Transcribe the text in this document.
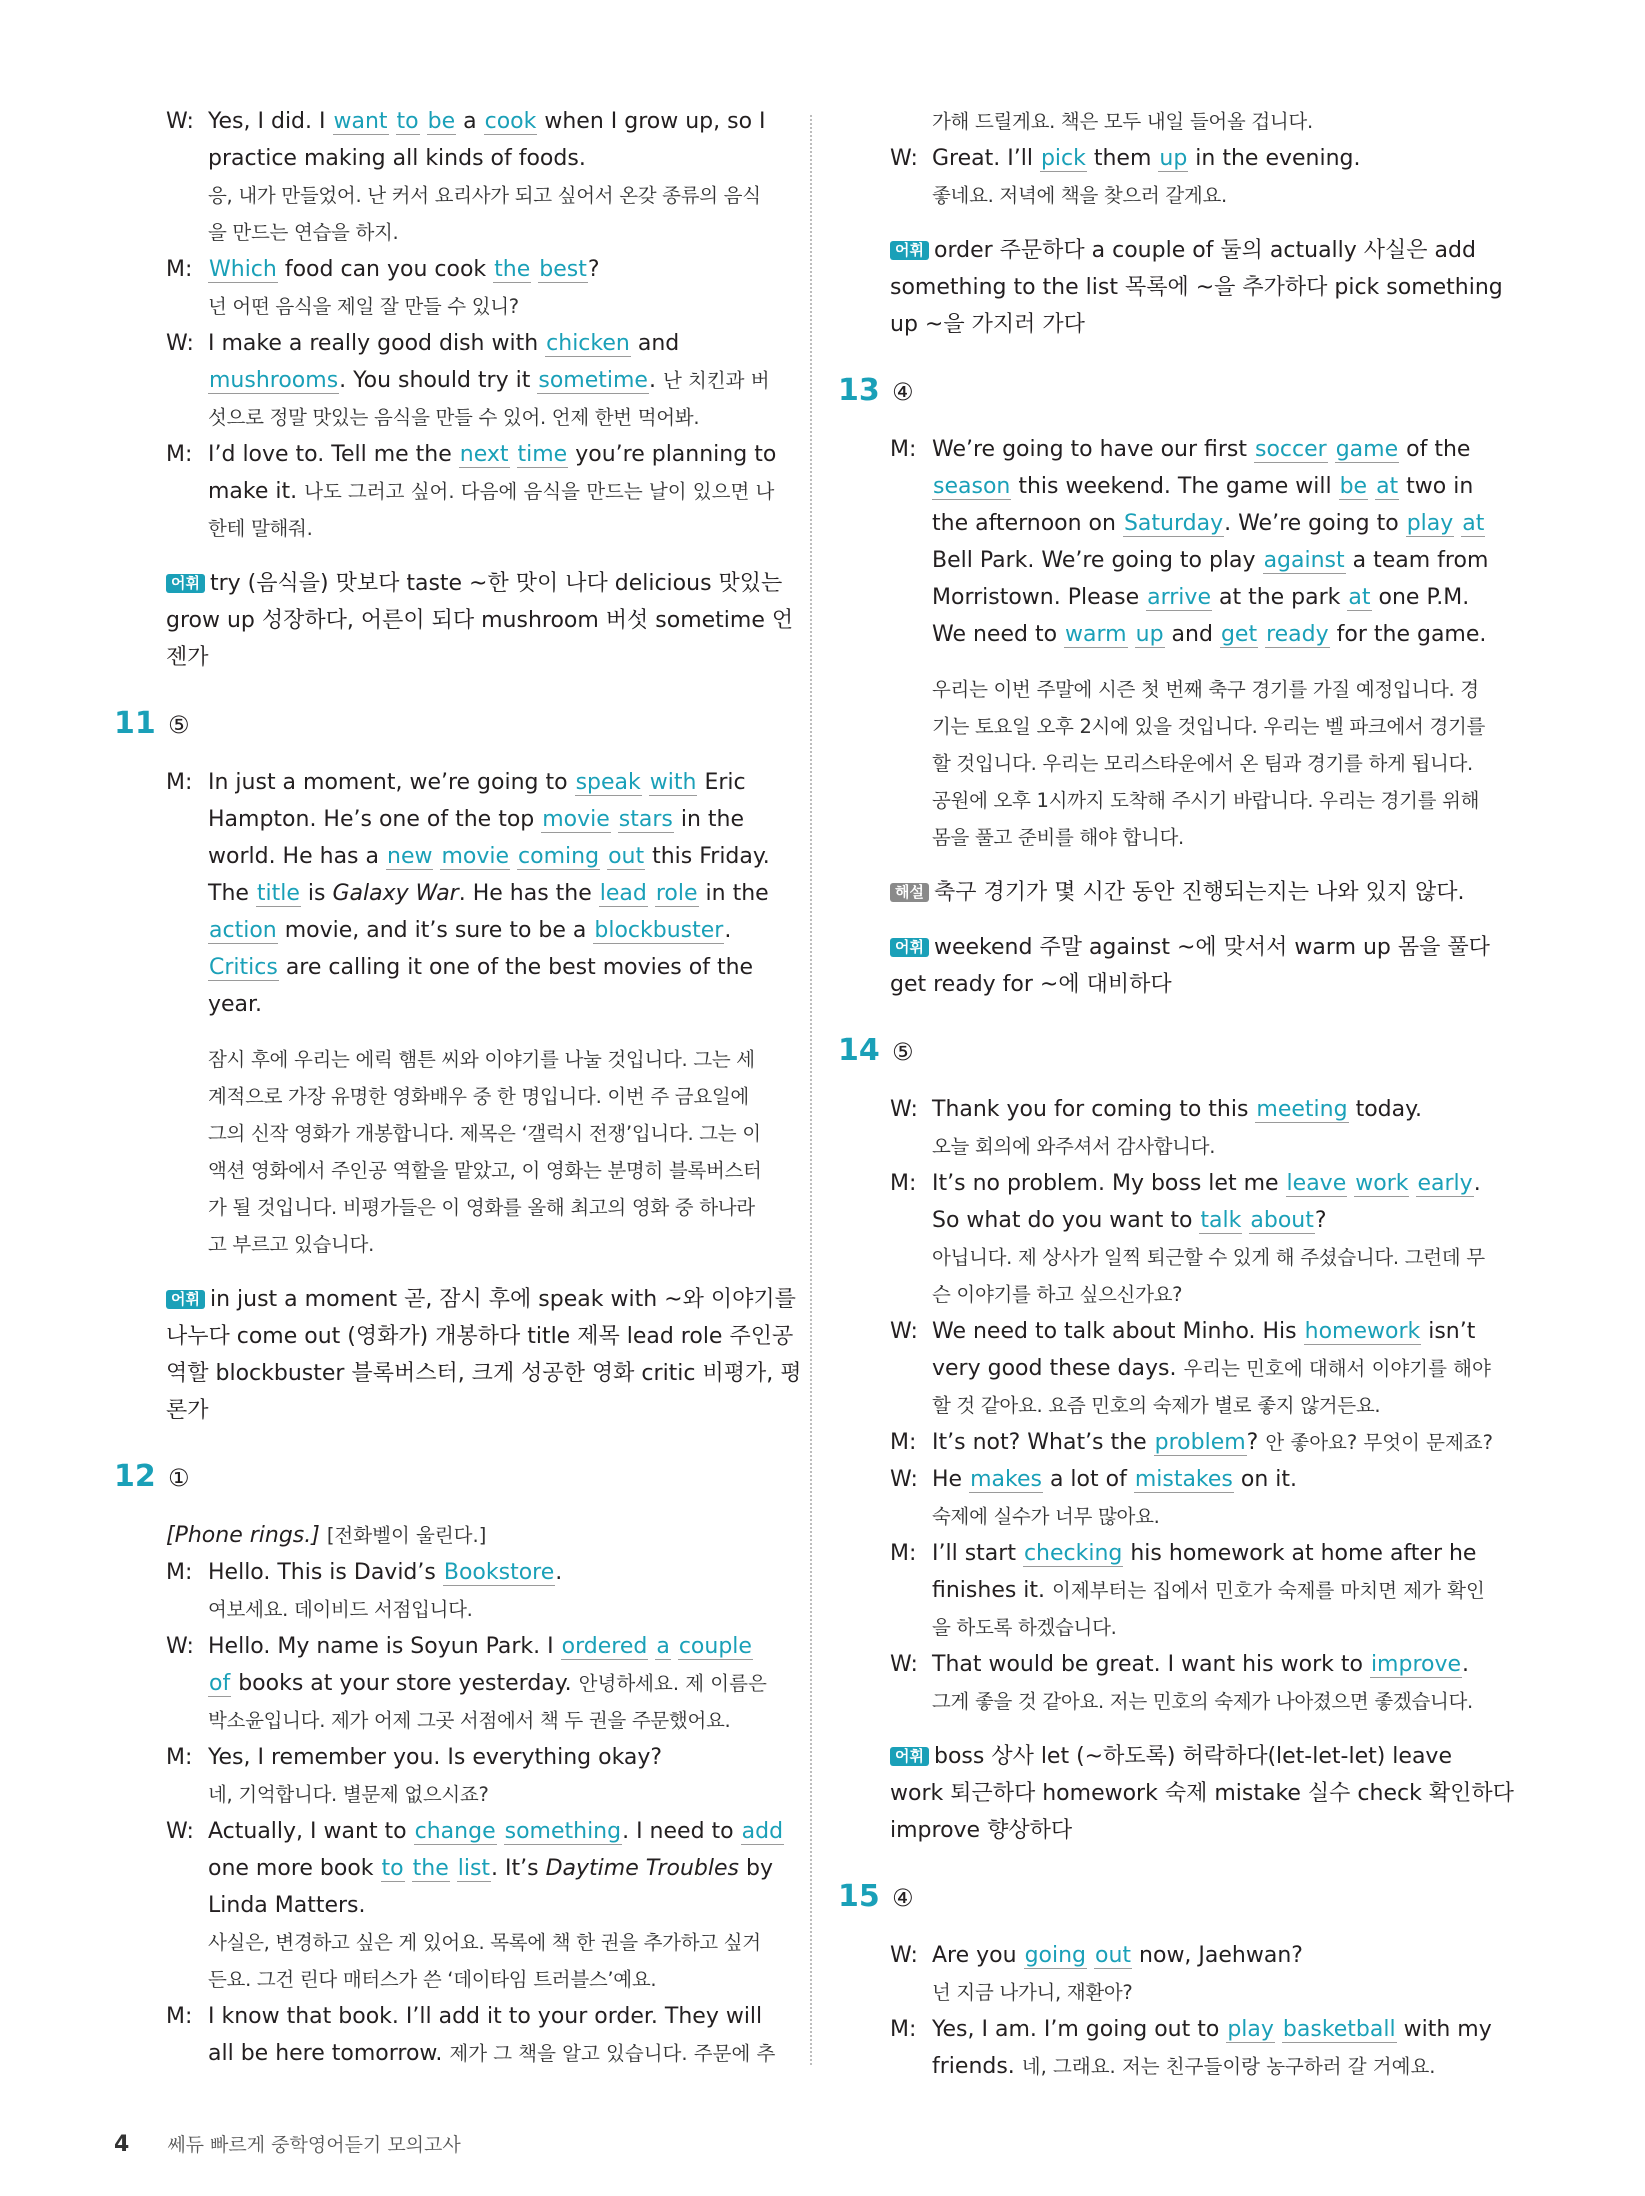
W: Yes, I did. I want to be a cook when I grow up, so I
practice making all kinds of foods.
응, 내가 만들었어. 난 커서 요리사가 되고 싶어서 온갖 종류의 음식
을 만드는 연습을 하지.
M: Which food can you cook the best?
넌 어떤 음식을 제일 잘 만들 수 있니?
W: I make a really good dish with chicken and
mushrooms. You should try it sometime. 난 치킨과 버
섯으로 정말 맛있는 음식을 만들 수 있어. 언제 한번 먹어봐.
M: I’d love to. Tell me the next time you’re planning to
make it. 나도 그러고 싶어. 다음에 음식을 만드는 날이 있으면 나
한테 말해줘.
어휘 try (음식을) 맛보다 taste ~한 맛이 나다 delicious 맛있는
grow up 성장하다, 어른이 되다 mushroom 버섯 sometime 언
젠가
11 ⑤
M: In just a moment, we’re going to speak with Eric
Hampton. He’s one of the top movie stars in the
world. He has a new movie coming out this Friday.
The title is Galaxy War. He has the lead role in the
action movie, and it’s sure to be a blockbuster.
Critics are calling it one of the best movies of the
year.
잠시 후에 우리는 에릭 햄튼 씨와 이야기를 나눌 것입니다. 그는 세
계적으로 가장 유명한 영화배우 중 한 명입니다. 이번 주 금요일에
그의 신작 영화가 개봉합니다. 제목은 ‘갤럭시 전쟁’입니다. 그는 이
액션 영화에서 주인공 역할을 맡았고, 이 영화는 분명히 블록버스터
가 될 것입니다. 비평가들은 이 영화를 올해 최고의 영화 중 하나라
고 부르고 있습니다.
어휘 in just a moment 곧, 잠시 후에 speak with ~와 이야기를
나누다 come out (영화가) 개봉하다 title 제목 lead role 주인공
역할 blockbuster 블록버스터, 크게 성공한 영화 critic 비평가, 평
론가
12 ①
[Phone rings.] [전화벨이 울린다.]
M: Hello. This is David’s Bookstore.
여보세요. 데이비드 서점입니다.
W: Hello. My name is Soyun Park. I ordered a couple
of books at your store yesterday. 안녕하세요. 제 이름은
박소윤입니다. 제가 어제 그곳 서점에서 책 두 권을 주문했어요.
M: Yes, I remember you. Is everything okay?
네, 기억합니다. 별문제 없으시죠?
W: Actually, I want to change something. I need to add
one more book to the list. It’s Daytime Troubles by
Linda Matters.
사실은, 변경하고 싶은 게 있어요. 목록에 책 한 권을 추가하고 싶거
든요. 그건 린다 매터스가 쓴 ‘데이타임 트러블스’예요.
M: I know that book. I’ll add it to your order. They will
all be here tomorrow. 제가 그 책을 알고 있습니다. 주문에 추
가해 드릴게요. 책은 모두 내일 들어올 겁니다.
W: Great. I’ll pick them up in the evening.
좋네요. 저녁에 책을 찾으러 갈게요.
어휘 order 주문하다 a couple of 둘의 actually 사실은 add
something to the list 목록에 ~을 추가하다 pick something
up ~을 가지러 가다
13 ④
M: We’re going to have our first soccer game of the
season this weekend. The game will be at two in
the afternoon on Saturday. We’re going to play at
Bell Park. We’re going to play against a team from
Morristown. Please arrive at the park at one P.M.
We need to warm up and get ready for the game.
우리는 이번 주말에 시즌 첫 번째 축구 경기를 가질 예정입니다. 경
기는 토요일 오후 2시에 있을 것입니다. 우리는 벨 파크에서 경기를
할 것입니다. 우리는 모리스타운에서 온 팀과 경기를 하게 됩니다.
공원에 오후 1시까지 도착해 주시기 바랍니다. 우리는 경기를 위해
몸을 풀고 준비를 해야 합니다.
해설 축구 경기가 몇 시간 동안 진행되는지는 나와 있지 않다.
어휘 weekend 주말 against ~에 맞서서 warm up 몸을 풀다
get ready for ~에 대비하다
14 ⑤
W: Thank you for coming to this meeting today.
오늘 회의에 와주셔서 감사합니다.
M: It’s no problem. My boss let me leave work early.
So what do you want to talk about?
아닙니다. 제 상사가 일찍 퇴근할 수 있게 해 주셨습니다. 그런데 무
슨 이야기를 하고 싶으신가요?
W: We need to talk about Minho. His homework isn’t
very good these days. 우리는 민호에 대해서 이야기를 해야
할 것 같아요. 요즘 민호의 숙제가 별로 좋지 않거든요.
M: It’s not? What’s the problem? 안 좋아요? 무엇이 문제죠?
W: He makes a lot of mistakes on it.
숙제에 실수가 너무 많아요.
M: I’ll start checking his homework at home after he
finishes it. 이제부터는 집에서 민호가 숙제를 마치면 제가 확인
을 하도록 하겠습니다.
W: That would be great. I want his work to improve.
그게 좋을 것 같아요. 저는 민호의 숙제가 나아졌으면 좋겠습니다.
어휘 boss 상사 let (~하도록) 허락하다(let-let-let) leave
work 퇴근하다 homework 숙제 mistake 실수 check 확인하다
improve 향상하다
15 ④
W: Are you going out now, Jaehwan?
넌 지금 나가니, 재환아?
M: Yes, I am. I’m going out to play basketball with my
friends. 네, 그래요. 저는 친구들이랑 농구하러 갈 거예요.
4 쎄듀 빠르게 중학영어듣기 모의고사
